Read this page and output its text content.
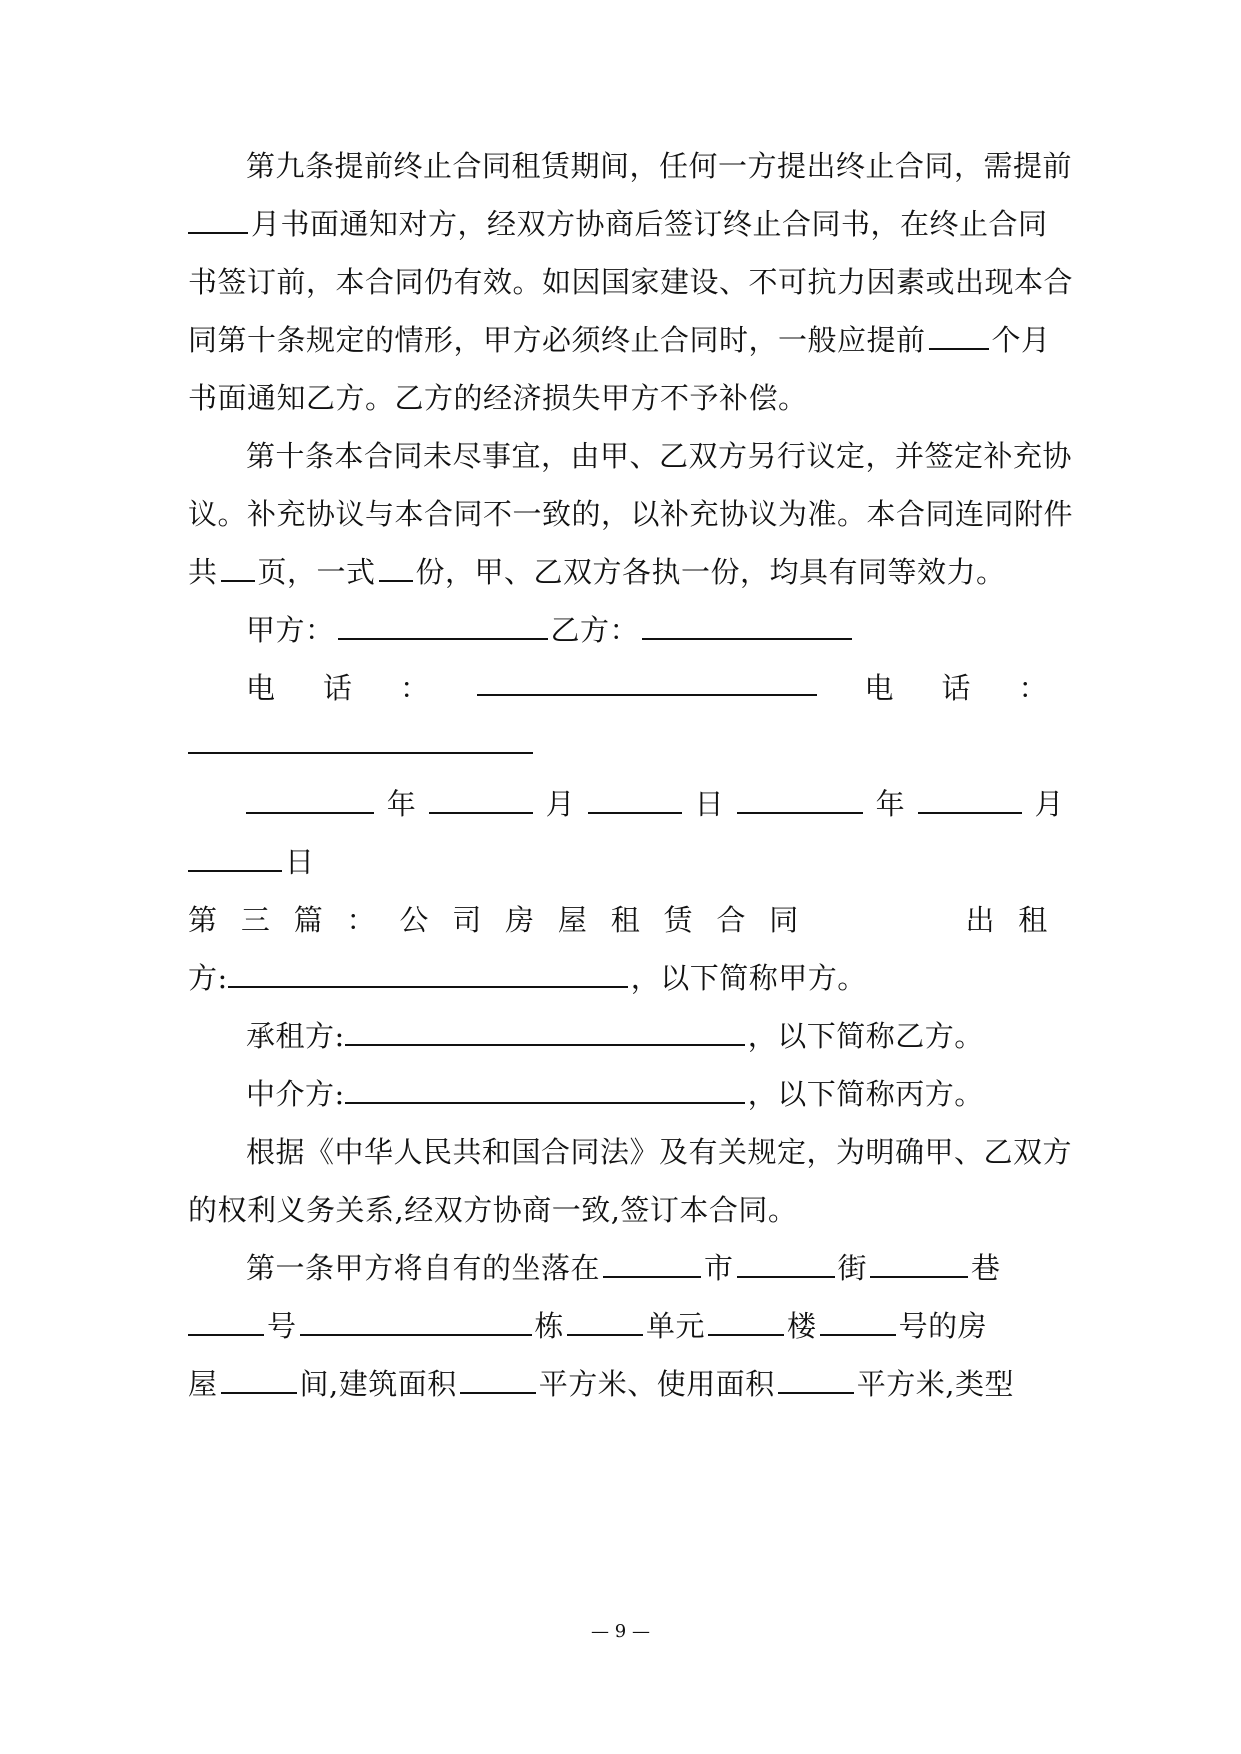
第九条提前终止合同租赁期间，任何一方提出终止合同，需提前
月书面通知对方，经双方协商后签订终止合同书，在终止合同
书签订前，本合同仍有效。如因国家建设、不可抗力因素或出现本合
同第十条规定的情形，甲方必须终止合同时，一般应提前 个月
书面通知乙方。乙方的经济损失甲方不予补偿。
第十条本合同未尽事宜，由甲、乙双方另行议定，并签定补充协
议。补充协议与本合同不一致的，以补充协议为准。本合同连同附件
共 页，一式 份，甲、乙双方各执一份，均具有同等效力。
甲方：	乙方：
电 话 ：	电 话 ：
年	月	日	年	月
日
第 三 篇 ： 公 司 房 屋 租 赁 合 同	出 租
方:	，以下简称甲方。
承租方:	，以下简称乙方。
中介方:	，以下简称丙方。
根据《中华人民共和国合同法》及有关规定，为明确甲、乙双方
的权利义务关系,经双方协商一致,签订本合同。
第一条甲方将自有的坐落在	市	街	巷
号	栋	单元	楼	号的房
屋	间,建筑面积	平方米、使用面积	平方米,类型
— 9 —
